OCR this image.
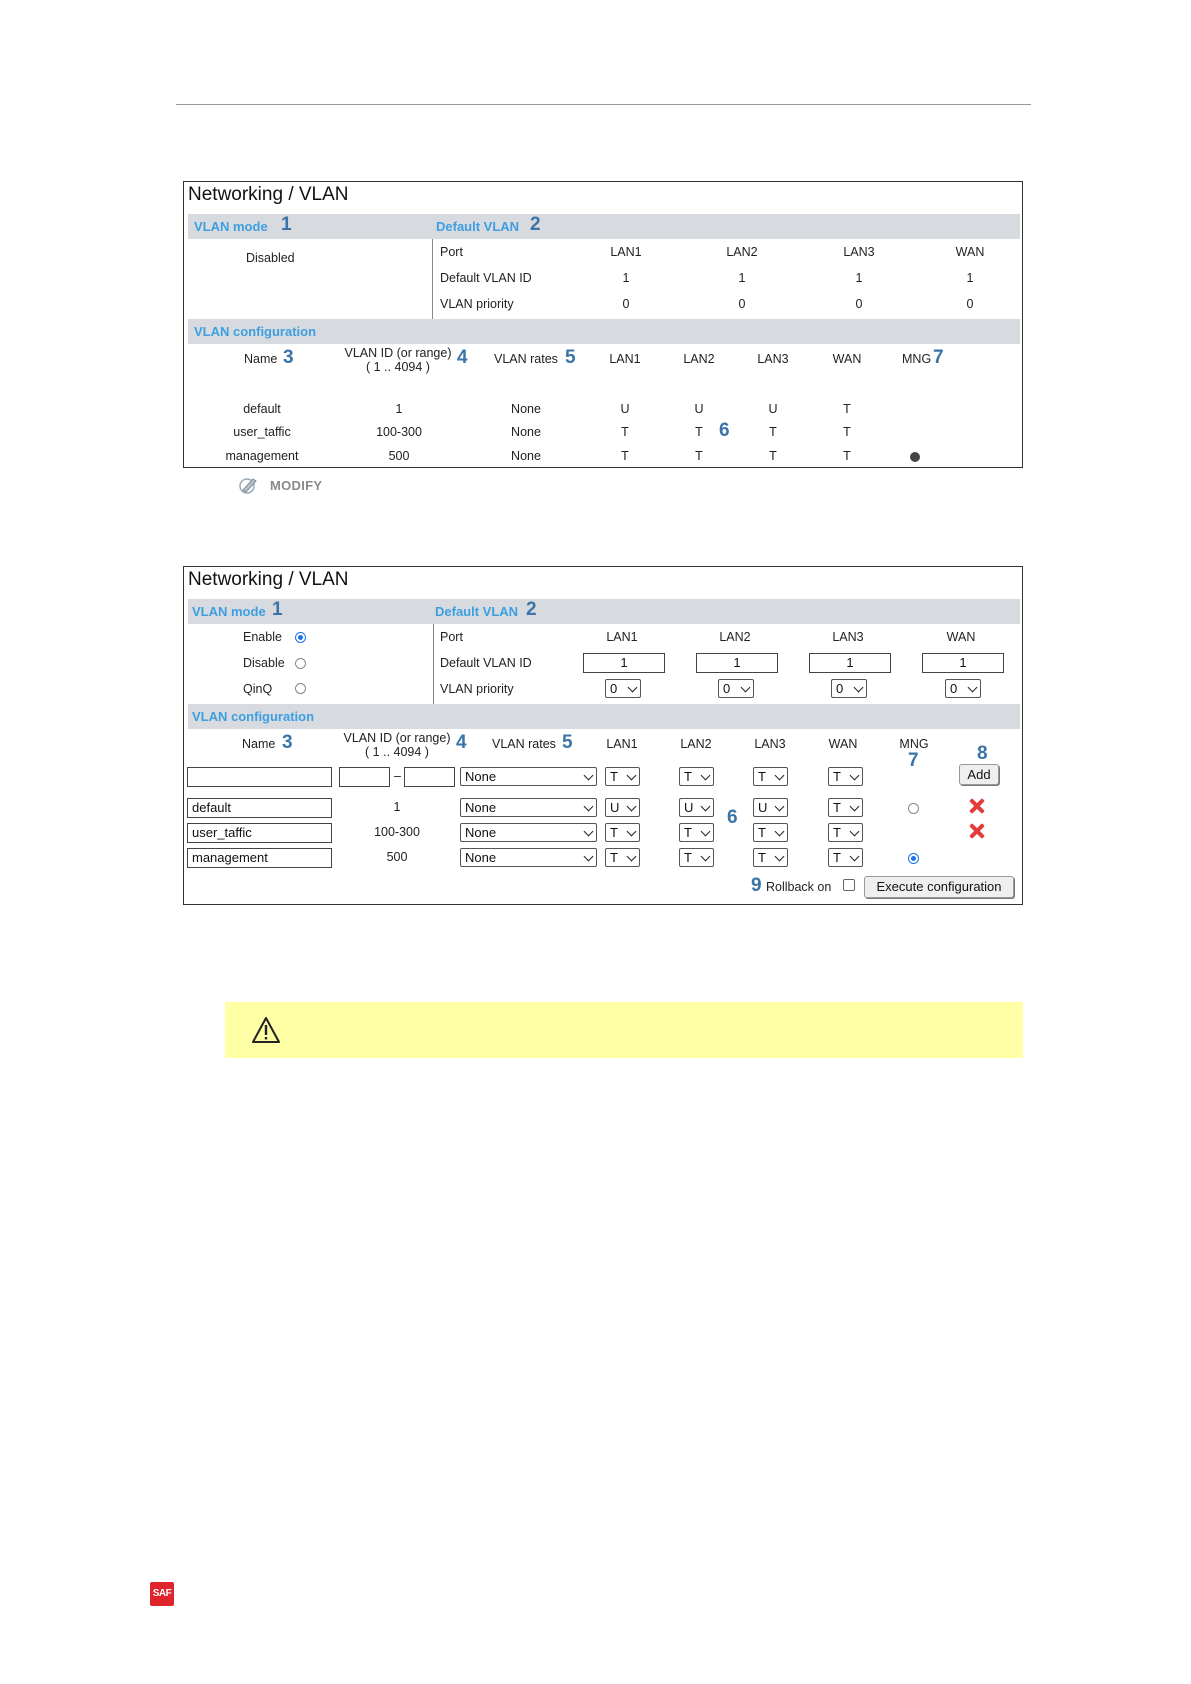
Networking / VLAN
VLAN mode 1	Default VLAN 2
Disabled	Port	LAN1	LAN2	LAN3	WAN
Default VLAN ID	1	1	1	1
VLAN priority	0	0	0	0
VLAN configuration
Name 3	VLAN ID (or range)
( 1 .. 4094 ) 4 VLAN rates 5	LAN1	LAN2	LAN3	WAN	MNG 7
default	1	None	U	U	U	T
user_taffic	100-300	None	T	T 6	T	T
management	500	None	T	T	T	T
MODIFY
Networking / VLAN
VLAN mode 1	Default VLAN 2
Enable
Disable
QinQ
Port	LAN1	LAN2	LAN3	WAN
Default VLAN ID	1	1	1	1
VLAN priority	0	0	0	0
VLAN configuration
Name 3	VLAN ID (or range)
( 1 .. 4094 ) 4 VLAN rates 5	LAN1	LAN2	LAN3	WAN	MNG
7	8
–	None	T	T	T	T	Add
default	1	None	U	U	U	T
6
user_taffic	100-300	None	T	T	T	T
management	500	None	T	T	T	T
9 Rollback on	Execute configuration
SAF
